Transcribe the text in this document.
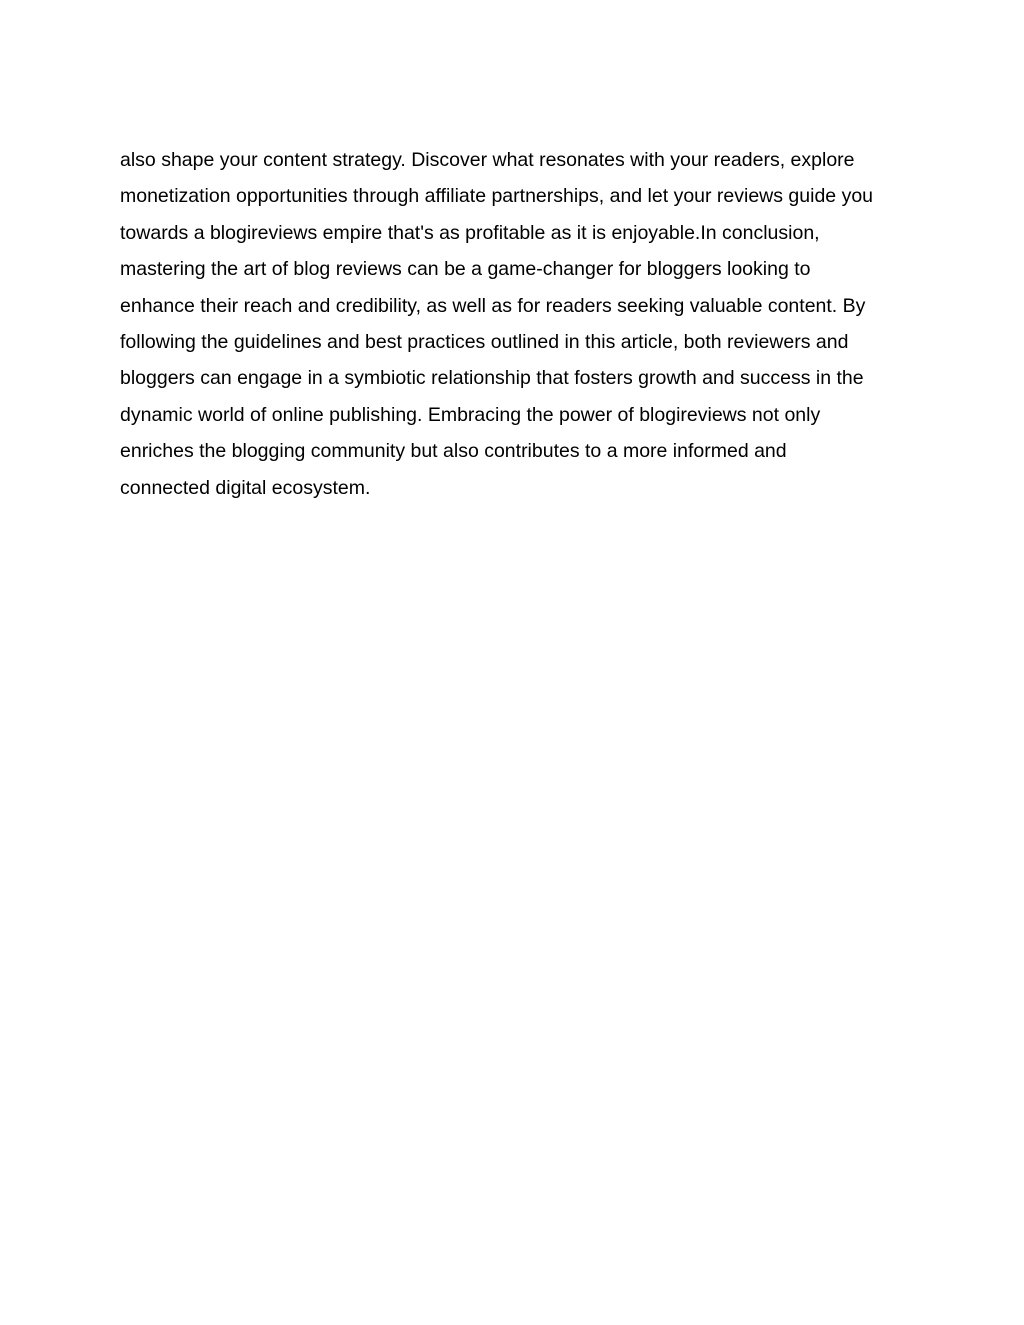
also shape your content strategy. Discover what resonates with your readers, explore
monetization opportunities through affiliate partnerships, and let your reviews guide you
towards a blogireviews empire that's as profitable as it is enjoyable.In conclusion,
mastering the art of blog reviews can be a game-changer for bloggers looking to
enhance their reach and credibility, as well as for readers seeking valuable content. By
following the guidelines and best practices outlined in this article, both reviewers and
bloggers can engage in a symbiotic relationship that fosters growth and success in the
dynamic world of online publishing. Embracing the power of blogireviews not only
enriches the blogging community but also contributes to a more informed and
connected digital ecosystem.
